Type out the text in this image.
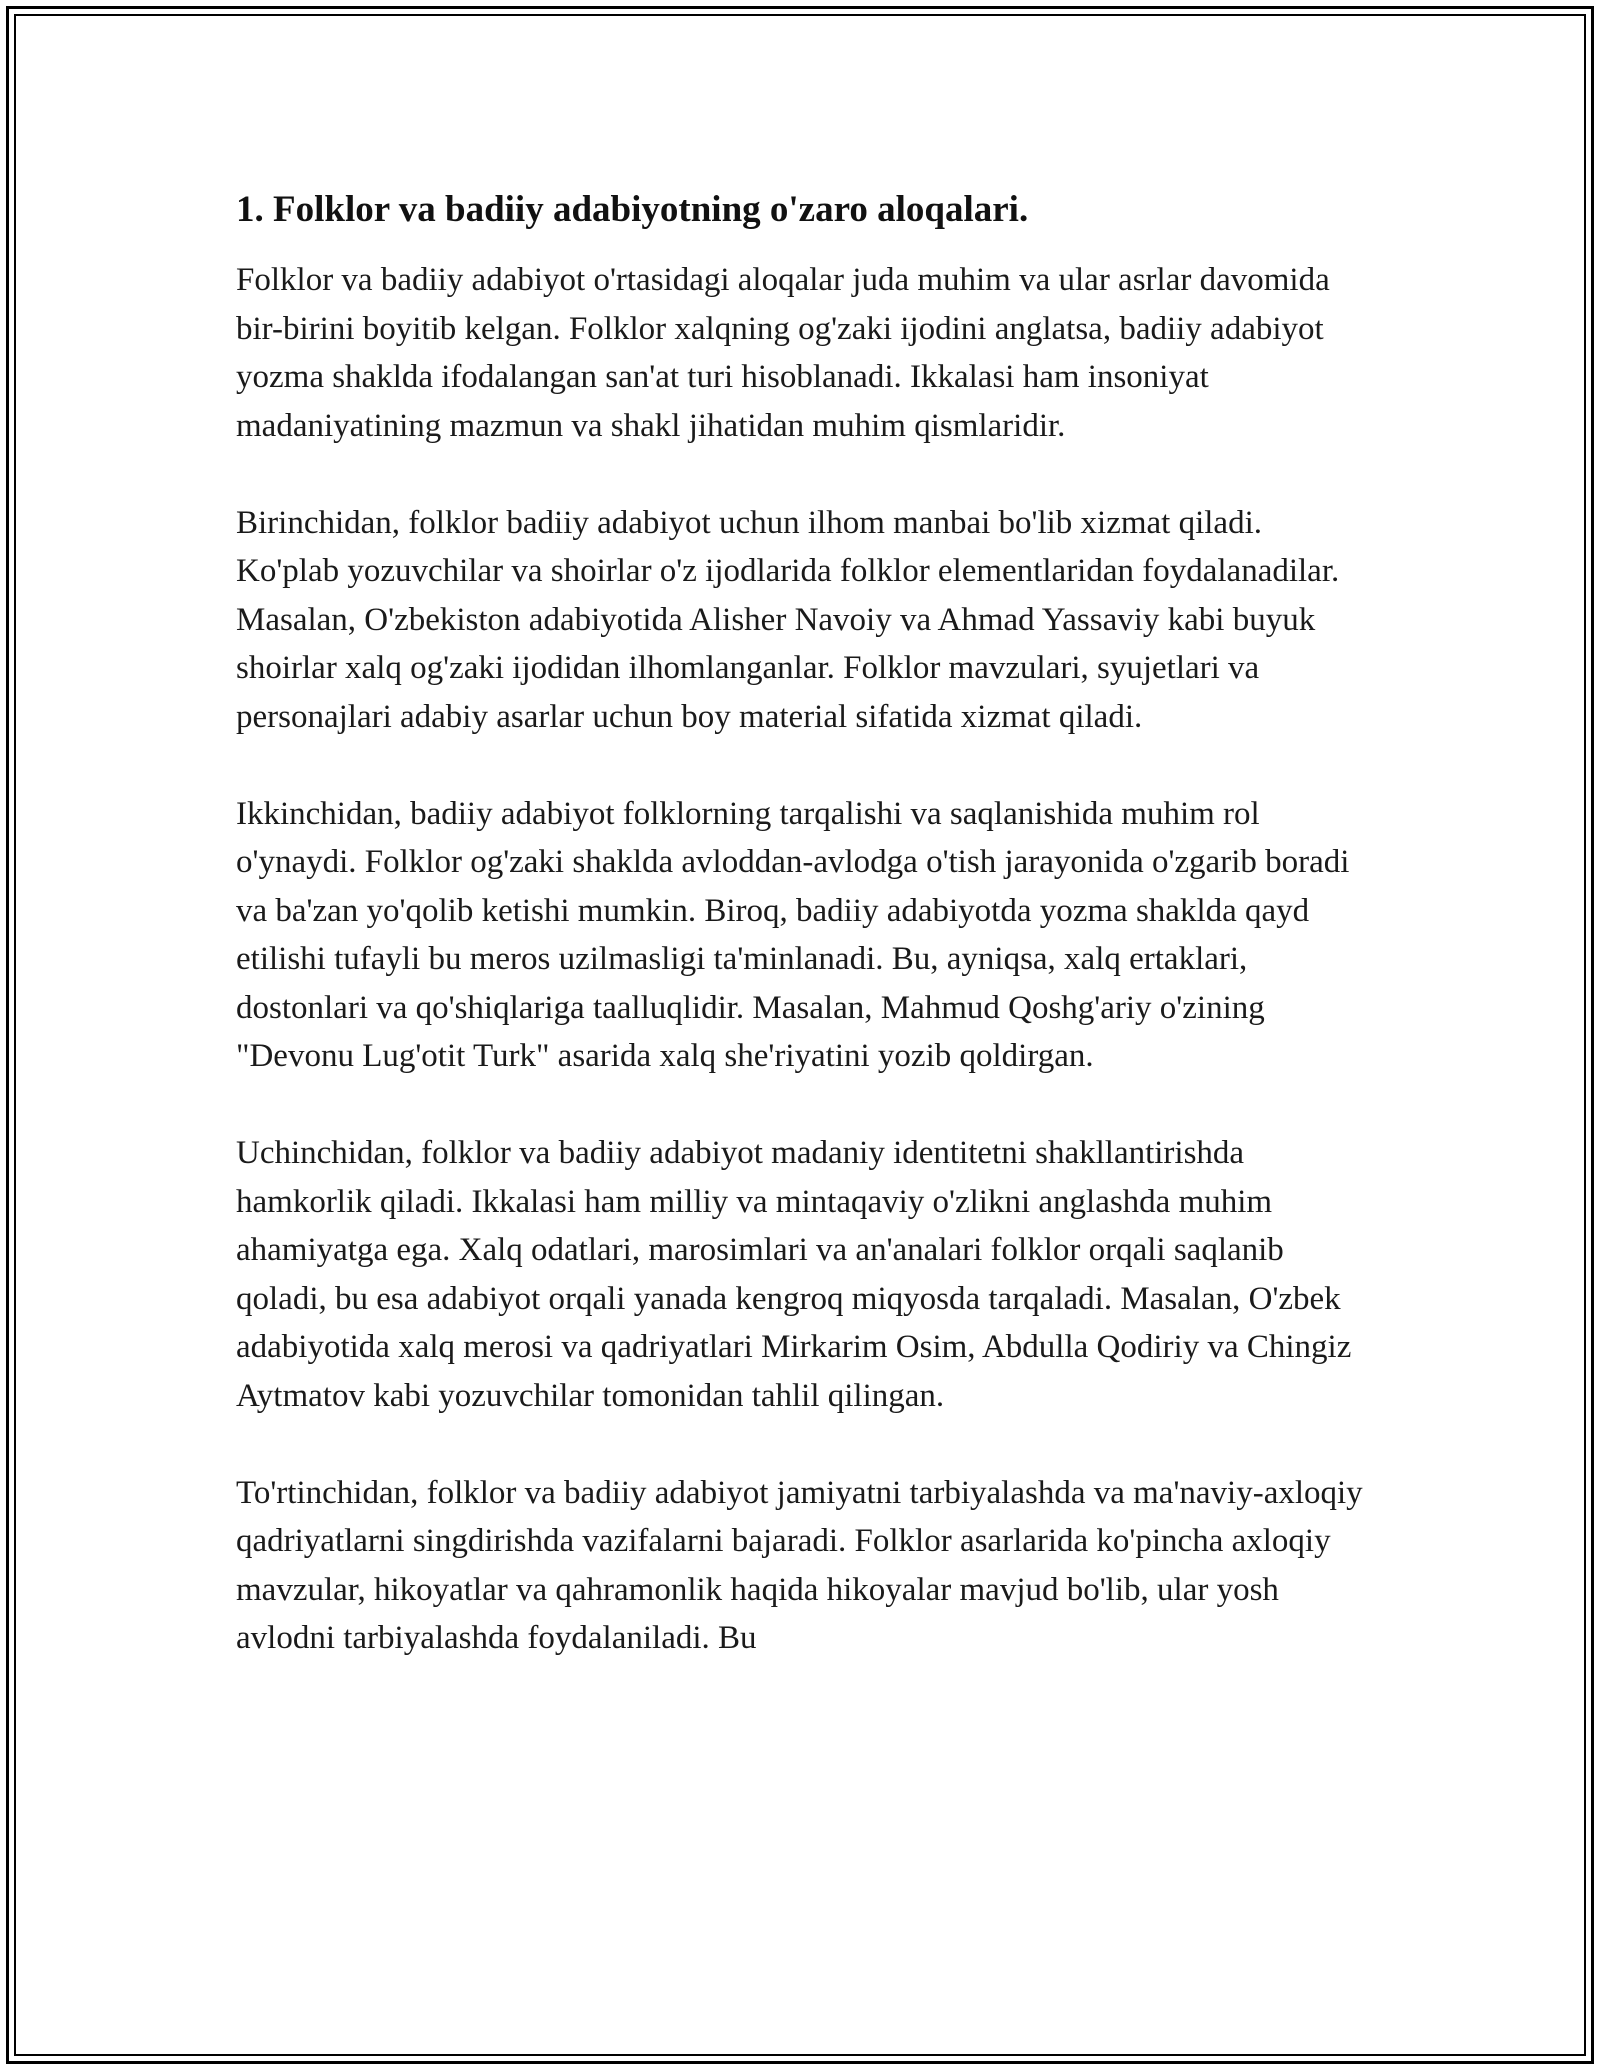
1. Folklor va badiiy adabiyotning o'zaro aloqalari.

Folklor va badiiy adabiyot o'rtasidagi aloqalar juda muhim va ular asrlar davomida bir-birini boyitib kelgan. Folklor xalqning og'zaki ijodini anglatsa, badiiy adabiyot yozma shaklda ifodalangan san'at turi hisoblanadi. Ikkalasi ham insoniyat madaniyatining mazmun va shakl jihatidan muhim qismlaridir.

Birinchidan, folklor badiiy adabiyot uchun ilhom manbai bo'lib xizmat qiladi. Ko'plab yozuvchilar va shoirlar o'z ijodlarida folklor elementlaridan foydalanadilar. Masalan, O'zbekiston adabiyotida Alisher Navoiy va Ahmad Yassaviy kabi buyuk shoirlar xalq og'zaki ijodidan ilhomlanganlar. Folklor mavzulari, syujetlari va personajlari adabiy asarlar uchun boy material sifatida xizmat qiladi.

Ikkinchidan, badiiy adabiyot folklorning tarqalishi va saqlanishida muhim rol o'ynaydi. Folklor og'zaki shaklda avloddan-avlodga o'tish jarayonida o'zgarib boradi va ba'zan yo'qolib ketishi mumkin. Biroq, badiiy adabiyotda yozma shaklda qayd etilishi tufayli bu meros uzilmasligi ta'minlanadi. Bu, ayniqsa, xalq ertaklari, dostonlari va qo'shiqlariga taalluqlidir. Masalan, Mahmud Qoshg'ariy o'zining "Devonu Lug'otit Turk" asarida xalq she'riyatini yozib qoldirgan.

Uchinchidan, folklor va badiiy adabiyot madaniy identitetni shakllantirishda hamkorlik qiladi. Ikkalasi ham milliy va mintaqaviy o'zlikni anglashda muhim ahamiyatga ega. Xalq odatlari, marosimlari va an'analari folklor orqali saqlanib qoladi, bu esa adabiyot orqali yanada kengroq miqyosda tarqaladi. Masalan, O'zbek adabiyotida xalq merosi va qadriyatlari Mirkarim Osim, Abdulla Qodiriy va Chingiz Aytmatov kabi yozuvchilar tomonidan tahlil qilingan.

To'rtinchidan, folklor va badiiy adabiyot jamiyatni tarbiyalashda va ma'naviy-axloqiy qadriyatlarni singdirishda vazifalarni bajaradi. Folklor asarlarida ko'pincha axloqiy mavzular, hikoyatlar va qahramonlik haqida hikoyalar mavjud bo'lib, ular yosh avlodni tarbiyalashda foydalaniladi. Bu
